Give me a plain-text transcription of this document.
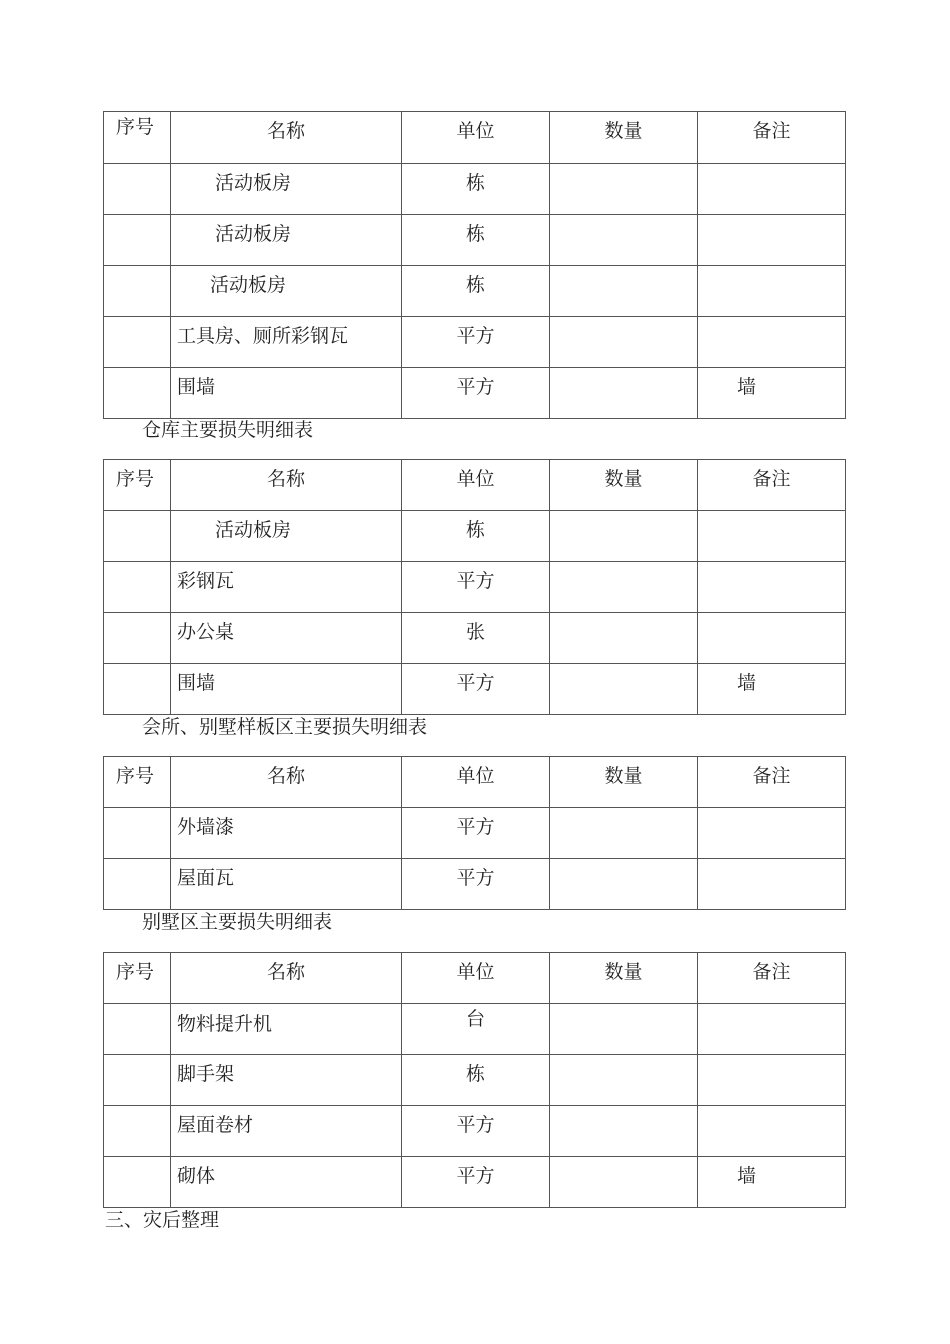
序号	名称	单位	数量	备注

	活动板房	栋		

	活动板房	栋		

	活动板房	栋		

	工具房、厕所彩钢瓦	平方		

	围墙	平方		墙
仓库主要损失明细表
序号	名称	单位	数量	备注

	活动板房	栋		

	彩钢瓦	平方		

	办公桌	张		

	围墙	平方		墙
会所、别墅样板区主要损失明细表
序号	名称	单位	数量	备注

	外墙漆	平方		

	屋面瓦	平方		

别墅区主要损失明细表
序号	名称	单位	数量	备注

	物料提升机	台		

	脚手架	栋		

	屋面卷材	平方		

	砌体	平方		墙
三、灾后整理
